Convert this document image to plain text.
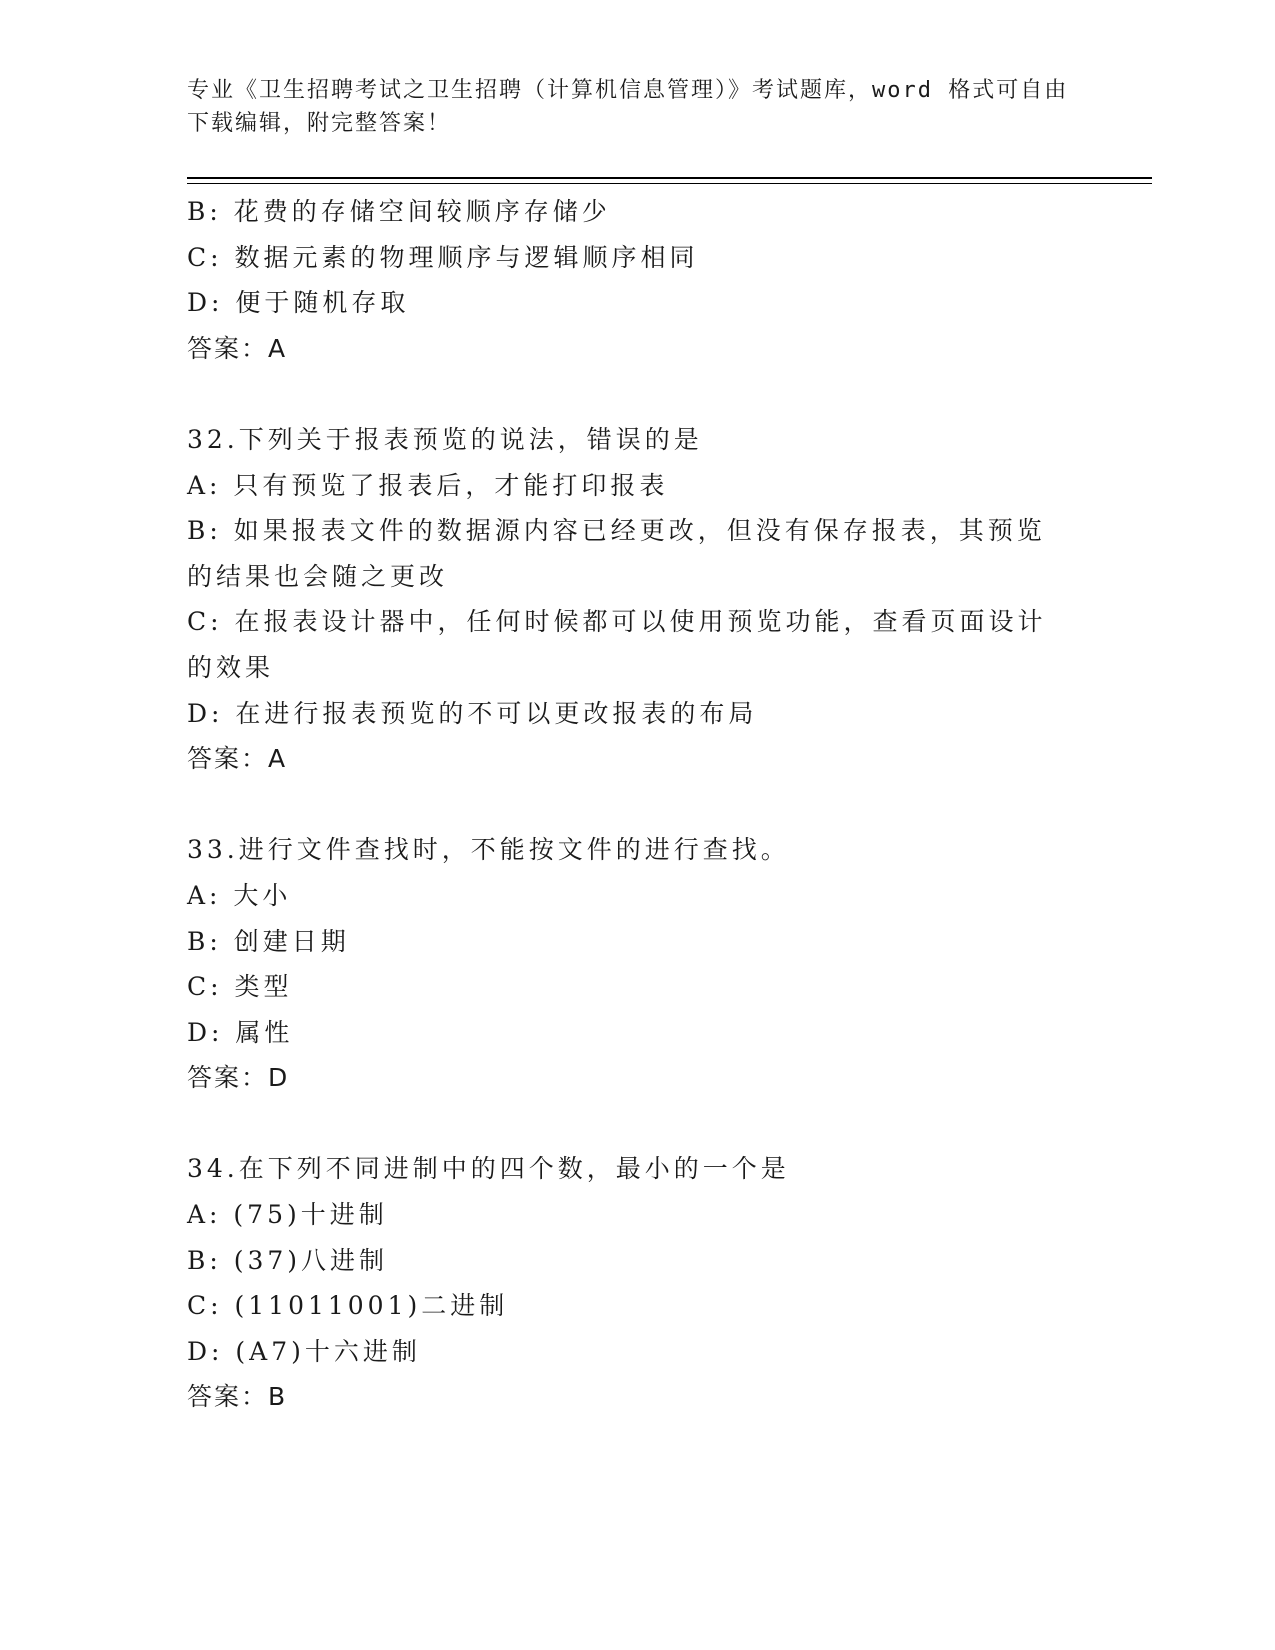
专业《卫生招聘考试之卫生招聘（计算机信息管理）》考试题库，word 格式可自由下载编辑，附完整答案！
B: 花费的存储空间较顺序存储少
C: 数据元素的物理顺序与逻辑顺序相同
D: 便于随机存取
答案：A
32.下列关于报表预览的说法，错误的是
A: 只有预览了报表后，才能打印报表
B: 如果报表文件的数据源内容已经更改，但没有保存报表，其预览的结果也会随之更改
C: 在报表设计器中，任何时候都可以使用预览功能，查看页面设计的效果
D: 在进行报表预览的不可以更改报表的布局
答案：A
33.进行文件查找时，不能按文件的进行查找。
A: 大小
B: 创建日期
C: 类型
D: 属性
答案：D
34.在下列不同进制中的四个数，最小的一个是
A: (75)十进制
B: (37)八进制
C: (11011001)二进制
D: (A7)十六进制
答案：B
